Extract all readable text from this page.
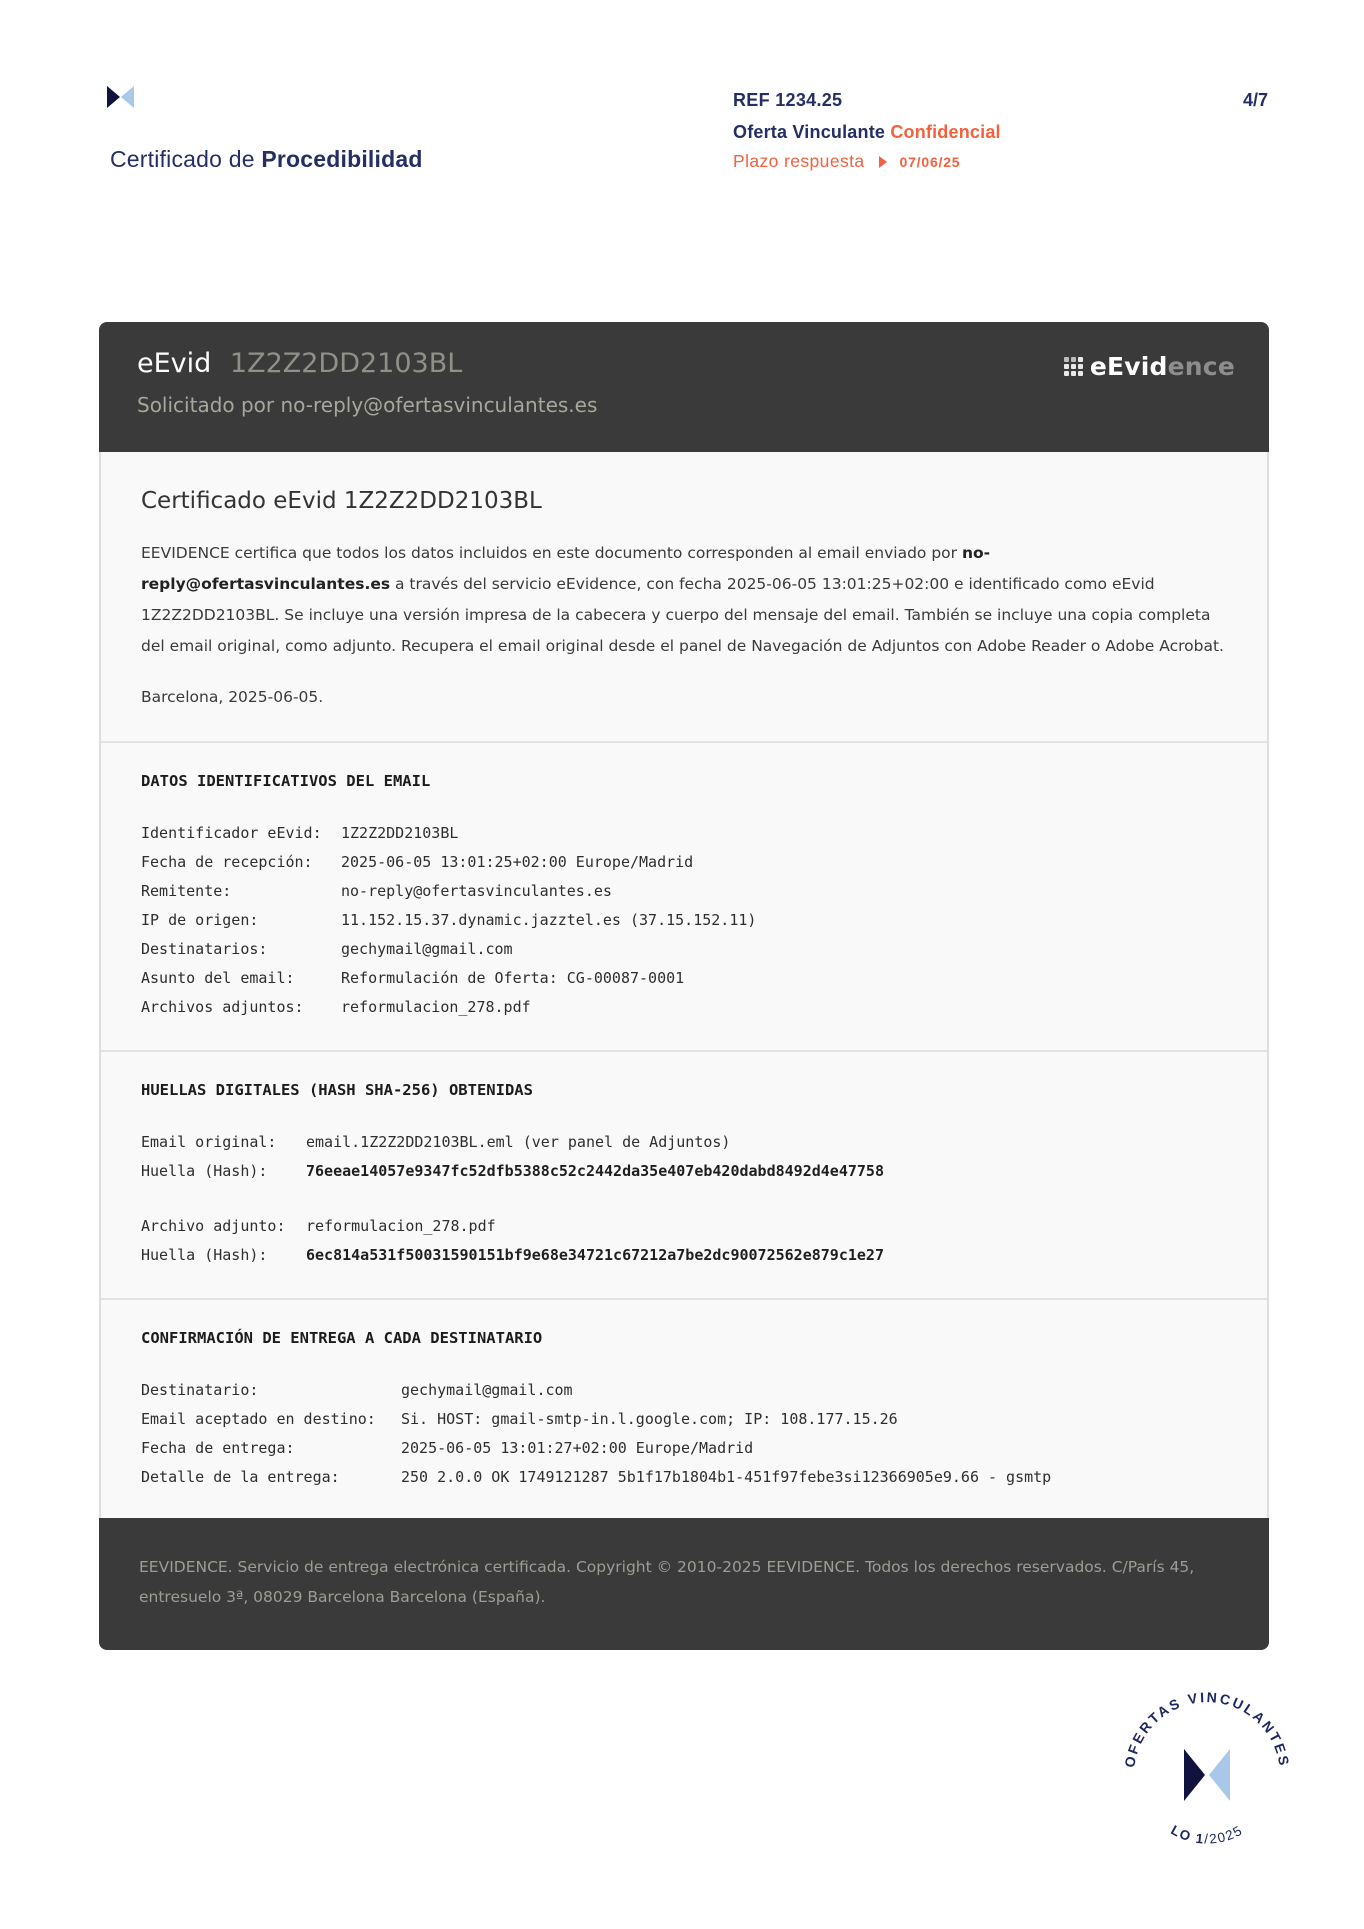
Certificado de Procedibilidad
REF 1234.25	4/7
Oferta Vinculante Confidencial
Plazo respuesta	07/06/25
eEvid 1Z2Z2DD2103BL
Solicitado por no-reply@ofertasvinculantes.es
eEvidence
Certificado eEvid 1Z2Z2DD2103BL

EEVIDENCE certifica que todos los datos incluidos en este documento corresponden al email enviado por no-reply@ofertasvinculantes.es a través del servicio eEvidence, con fecha 2025-06-05 13:01:25+02:00 e identificado como eEvid 1Z2Z2DD2103BL. Se incluye una versión impresa de la cabecera y cuerpo del mensaje del email. También se incluye una copia completa del email original, como adjunto. Recupera el email original desde el panel de Navegación de Adjuntos con Adobe Reader o Adobe Acrobat.

Barcelona, 2025-06-05.
DATOS IDENTIFICATIVOS DEL EMAIL
Identificador eEvid:	1Z2Z2DD2103BL
Fecha de recepción:	2025-06-05 13:01:25+02:00 Europe/Madrid
Remitente:	no-reply@ofertasvinculantes.es
IP de origen:	11.152.15.37.dynamic.jazztel.es (37.15.152.11)
Destinatarios:	gechymail@gmail.com
Asunto del email:	Reformulación de Oferta: CG-00087-0001
Archivos adjuntos:	reformulacion_278.pdf
HUELLAS DIGITALES (HASH SHA-256) OBTENIDAS
Email original:	email.1Z2Z2DD2103BL.eml (ver panel de Adjuntos)
Huella (Hash):	76eeae14057e9347fc52dfb5388c52c2442da35e407eb420dabd8492d4e47758
Archivo adjunto:	reformulacion_278.pdf
Huella (Hash):	6ec814a531f50031590151bf9e68e34721c67212a7be2dc90072562e879c1e27
CONFIRMACIÓN DE ENTREGA A CADA DESTINATARIO
Destinatario:	gechymail@gmail.com
Email aceptado en destino:	Si. HOST: gmail-smtp-in.l.google.com; IP: 108.177.15.26
Fecha de entrega:	2025-06-05 13:01:27+02:00 Europe/Madrid
Detalle de la entrega:	250 2.0.0 OK 1749121287 5b1f17b1804b1-451f97febe3si12366905e9.66 - gsmtp
EEVIDENCE. Servicio de entrega electrónica certificada. Copyright © 2010-2025 EEVIDENCE. Todos los derechos reservados. C/París 45, entresuelo 3ª, 08029 Barcelona Barcelona (España).
OFERTAS VINCULANTES
LO 1/2025
